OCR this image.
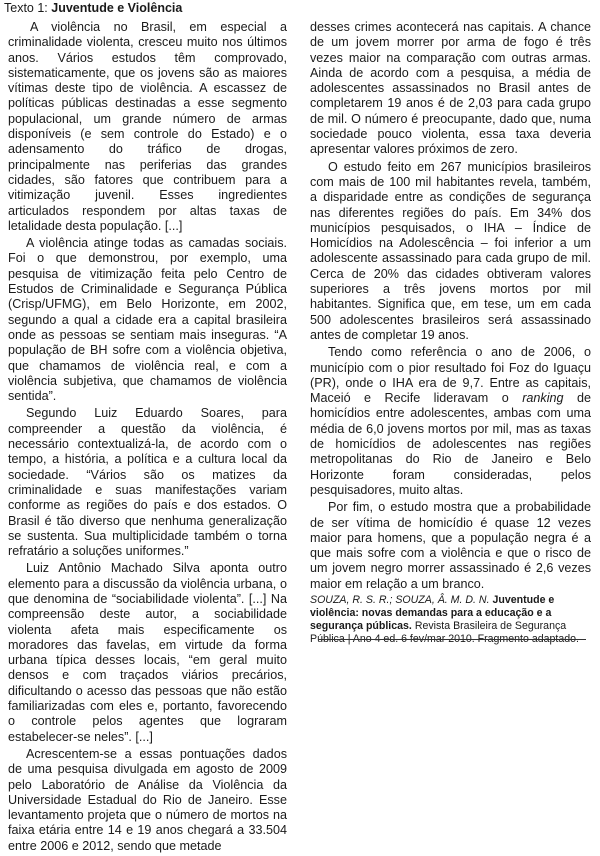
Texto 1: Juventude e Violência

A violência no Brasil, em especial a criminalidade violenta, cresceu muito nos últimos anos. Vários estudos têm comprovado, sistematicamente, que os jovens são as maiores vítimas deste tipo de violência. A escassez de políticas públicas destinadas a esse segmento populacional, um grande número de armas disponíveis (e sem controle do Estado) e o adensamento do tráfico de drogas, principalmente nas periferias das grandes cidades, são fatores que contribuem para a vitimização juvenil. Esses ingredientes articulados respondem por altas taxas de letalidade desta população. [...]

A violência atinge todas as camadas sociais. Foi o que demonstrou, por exemplo, uma pesquisa de vitimização feita pelo Centro de Estudos de Criminalidade e Segurança Pública (Crisp/UFMG), em Belo Horizonte, em 2002, segundo a qual a cidade era a capital brasileira onde as pessoas se sentiam mais inseguras. “A população de BH sofre com a violência objetiva, que chamamos de violência real, e com a violência subjetiva, que chamamos de violência sentida”.

Segundo Luiz Eduardo Soares, para compreender a questão da violência, é necessário contextualizá-la, de acordo com o tempo, a história, a política e a cultura local da sociedade. “Vários são os matizes da criminalidade e suas manifestações variam conforme as regiões do país e dos estados. O Brasil é tão diverso que nenhuma generalização se sustenta. Sua multiplicidade também o torna refratário a soluções uniformes.”

Luiz Antônio Machado Silva aponta outro elemento para a discussão da violência urbana, o que denomina de “sociabilidade violenta”. [...] Na compreensão deste autor, a sociabilidade violenta afeta mais especificamente os moradores das favelas, em virtude da forma urbana típica desses locais, “em geral muito densos e com traçados viários precários, dificultando o acesso das pessoas que não estão familiarizadas com eles e, portanto, favorecendo o controle pelos agentes que lograram estabelecer-se neles”. [...]

Acrescentem-se a essas pontuações dados de uma pesquisa divulgada em agosto de 2009 pelo Laboratório de Análise da Violência da Universidade Estadual do Rio de Janeiro. Esse levantamento projeta que o número de mortos na faixa etária entre 14 e 19 anos chegará a 33.504 entre 2006 e 2012, sendo que metade

desses crimes acontecerá nas capitais. A chance de um jovem morrer por arma de fogo é três vezes maior na comparação com outras armas. Ainda de acordo com a pesquisa, a média de adolescentes assassinados no Brasil antes de completarem 19 anos é de 2,03 para cada grupo de mil. O número é preocupante, dado que, numa sociedade pouco violenta, essa taxa deveria apresentar valores próximos de zero.

O estudo feito em 267 municípios brasileiros com mais de 100 mil habitantes revela, também, a disparidade entre as condições de segurança nas diferentes regiões do país. Em 34% dos municípios pesquisados, o IHA – Índice de Homicídios na Adolescência – foi inferior a um adolescente assassinado para cada grupo de mil. Cerca de 20% das cidades obtiveram valores superiores a três jovens mortos por mil habitantes. Significa que, em tese, um em cada 500 adolescentes brasileiros será assassinado antes de completar 19 anos.

Tendo como referência o ano de 2006, o município com o pior resultado foi Foz do Iguaçu (PR), onde o IHA era de 9,7. Entre as capitais, Maceió e Recife lideravam o ranking de homicídios entre adolescentes, ambas com uma média de 6,0 jovens mortos por mil, mas as taxas de homicídios de adolescentes nas regiões metropolitanas do Rio de Janeiro e Belo Horizonte foram consideradas, pelos pesquisadores, muito altas.

Por fim, o estudo mostra que a probabilidade de ser vítima de homicídio é quase 12 vezes maior para homens, que a população negra é a que mais sofre com a violência e que o risco de um jovem negro morrer assassinado é 2,6 vezes maior em relação a um branco.

SOUZA, R. S. R.; SOUZA, Â. M. D. N. Juventude e violência: novas demandas para a educação e a segurança públicas. Revista Brasileira de Segurança Pública | Ano 4 ed. 6 fev/mar 2010. Fragmento adaptado.
